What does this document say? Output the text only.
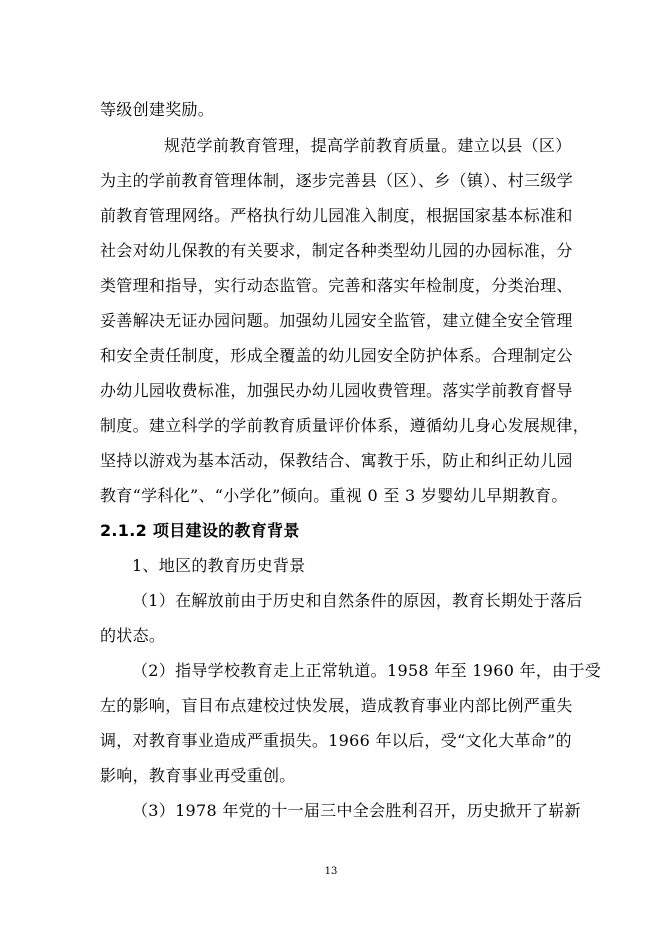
等级创建奖励。
规范学前教育管理，提高学前教育质量。建立以县（区）
为主的学前教育管理体制，逐步完善县（区）、乡（镇）、村三级学
前教育管理网络。严格执行幼儿园准入制度，根据国家基本标准和
社会对幼儿保教的有关要求，制定各种类型幼儿园的办园标准，分
类管理和指导，实行动态监管。完善和落实年检制度，分类治理、
妥善解决无证办园问题。加强幼儿园安全监管，建立健全安全管理
和安全责任制度，形成全覆盖的幼儿园安全防护体系。合理制定公
办幼儿园收费标准，加强民办幼儿园收费管理。落实学前教育督导
制度。建立科学的学前教育质量评价体系，遵循幼儿身心发展规律，
坚持以游戏为基本活动，保教结合、寓教于乐，防止和纠正幼儿园
教育“学科化”、“小学化”倾向。重视 0 至 3 岁婴幼儿早期教育。
2.1.2 项目建设的教育背景
1、地区的教育历史背景
（1）在解放前由于历史和自然条件的原因，教育长期处于落后
的状态。
（2）指导学校教育走上正常轨道。1958 年至 1960 年，由于受
左的影响，盲目布点建校过快发展，造成教育事业内部比例严重失
调，对教育事业造成严重损失。1966 年以后，受“文化大革命”的
影响，教育事业再受重创。
（3）1978 年党的十一届三中全会胜利召开，历史掀开了崭新
13
